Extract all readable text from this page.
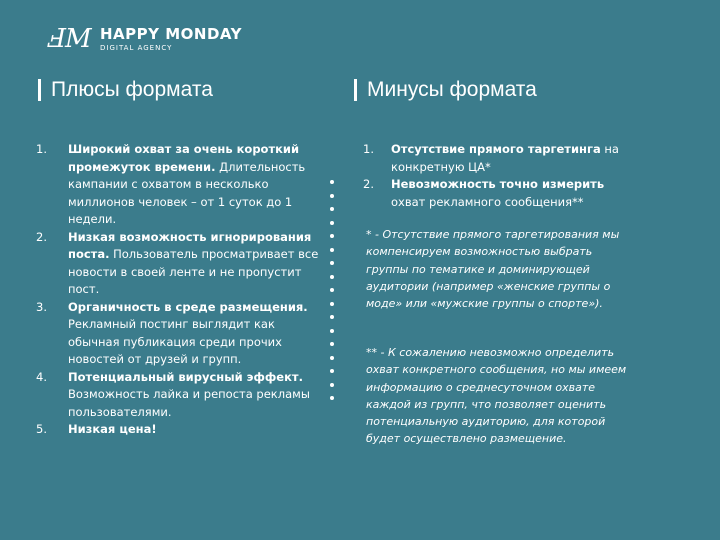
ℲM HAPPY MONDAY
DIGITAL AGENCY
Плюсы формата	Минусы формата
1.	Широкий охват за очень короткий промежуток времени. Длительность кампании с охватом в несколько миллионов человек – от 1 суток до 1 недели.
2.	Низкая возможность игнорирования поста. Пользователь просматривает все новости в своей ленте и не пропустит пост.
3.	Органичность в среде размещения. Рекламный постинг выглядит как обычная публикация среди прочих новостей от друзей и групп.
4.	Потенциальный вирусный эффект. Возможность лайка и репоста рекламы пользователями.
5.	Низкая цена!
1.	Отсутствие прямого таргетинга на конкретную ЦА*
2.	Невозможность точно измерить охват рекламного сообщения**
* - Отсутствие прямого таргетирования мы компенсируем возможностью выбрать группы по тематике и доминирующей аудитории (например «женские группы о моде» или «мужские группы о спорте»).
** - К сожалению невозможно определить охват конкретного сообщения, но мы имеем информацию о среднесуточном охвате каждой из групп, что позволяет оценить потенциальную аудиторию, для которой будет осуществлено размещение.
